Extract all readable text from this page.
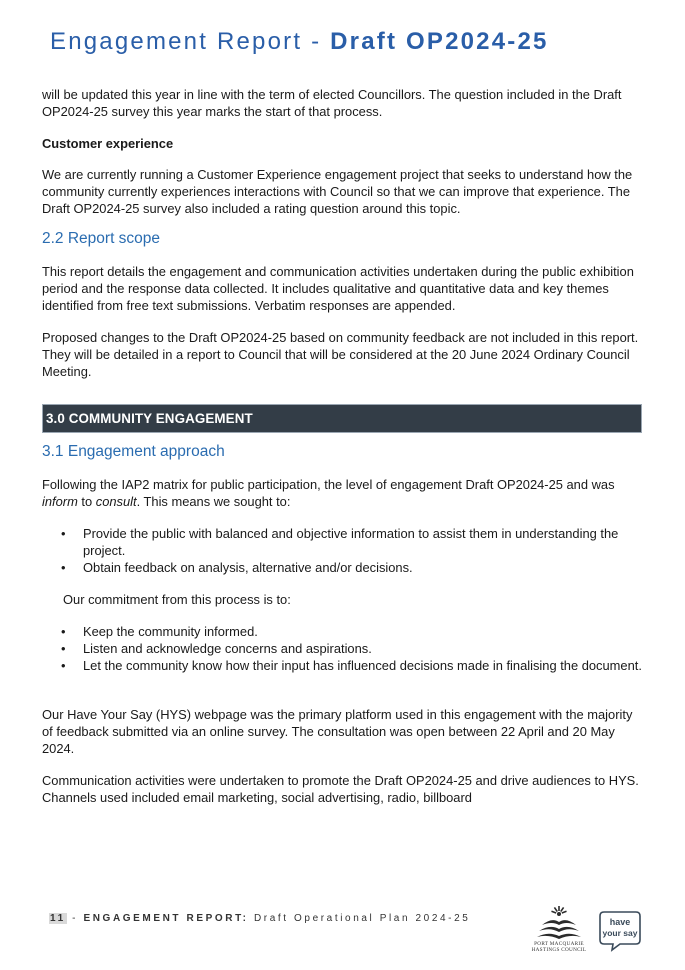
Engagement Report - Draft OP2024-25

will be updated this year in line with the term of elected Councillors. The question included in the Draft OP2024-25 survey this year marks the start of that process.

Customer experience

We are currently running a Customer Experience engagement project that seeks to understand how the community currently experiences interactions with Council so that we can improve that experience. The Draft OP2024-25 survey also included a rating question around this topic.

2.2 Report scope

This report details the engagement and communication activities undertaken during the public exhibition period and the response data collected. It includes qualitative and quantitative data and key themes identified from free text submissions. Verbatim responses are appended.

Proposed changes to the Draft OP2024-25 based on community feedback are not included in this report. They will be detailed in a report to Council that will be considered at the 20 June 2024 Ordinary Council Meeting.

3.0 COMMUNITY ENGAGEMENT
3.1 Engagement approach

Following the IAP2 matrix for public participation, the level of engagement Draft OP2024-25 and was inform to consult. This means we sought to:

• Provide the public with balanced and objective information to assist them in understanding the project.
• Obtain feedback on analysis, alternative and/or decisions.

Our commitment from this process is to:

• Keep the community informed.
• Listen and acknowledge concerns and aspirations.
• Let the community know how their input has influenced decisions made in finalising the document.

Our Have Your Say (HYS) webpage was the primary platform used in this engagement with the majority of feedback submitted via an online survey. The consultation was open between 22 April and 20 May 2024.

Communication activities were undertaken to promote the Draft OP2024-25 and drive audiences to HYS. Channels used included email marketing, social advertising, radio, billboard

11 - ENGAGEMENT REPORT: Draft Operational Plan 2024-25
PORT MACQUARIE
HASTINGS COUNCIL
have
your say
